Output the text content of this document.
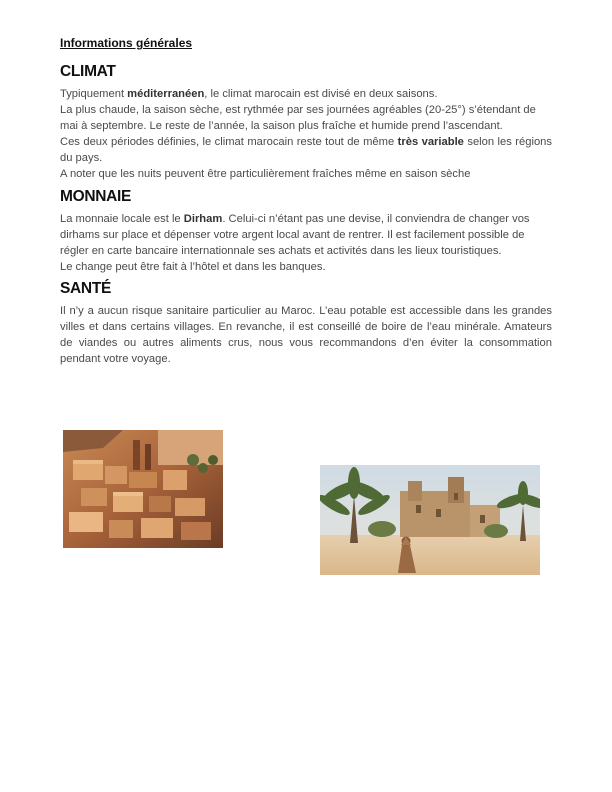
Informations générales
CLIMAT

Typiquement méditerranéen, le climat marocain est divisé en deux saisons.

La plus chaude, la saison sèche, est rythmée par ses journées agréables (20-25°) s’étendant de mai à septembre. Le reste de l’année, la saison plus fraîche et humide prend l’ascendant.

Ces deux périodes définies, le climat marocain reste tout de même très variable selon les régions du pays.

A noter que les nuits peuvent être particulièrement fraîches même en saison sèche

MONNAIE

La monnaie locale est le Dirham. Celui-ci n’étant pas une devise, il conviendra de changer vos dirhams sur place et dépenser votre argent local avant de rentrer. Il est facilement possible de régler en carte bancaire internationnale ses achats et activités dans les lieux touristiques.

Le change peut être fait à l’hôtel et dans les banques.

SANTÉ

Il n’y a aucun risque sanitaire particulier au Maroc. L’eau potable est accessible dans les grandes villes et dans certains villages. En revanche, il est conseillé de boire de l’eau minérale. Amateurs de viandes ou autres aliments crus, nous vous recommandons d’en éviter la consommation pendant votre voyage.
